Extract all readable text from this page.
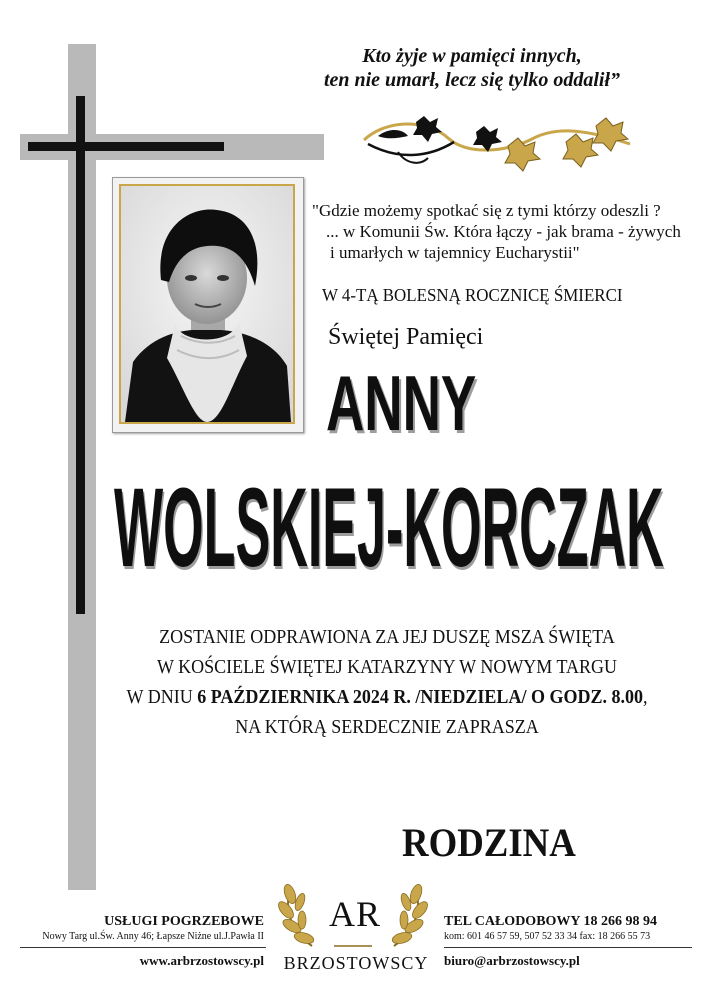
Kto żyje w pamięci innych,
ten nie umarł, lecz się tylko oddalił”
"Gdzie możemy spotkać się z tymi którzy odeszli ?
... w Komunii Św. Która łączy - jak brama - żywych
i umarłych w tajemnicy Eucharystii"
W 4-TĄ BOLESNĄ ROCZNICĘ ŚMIERCI
Świętej Pamięci
ANNY
WOLSKIEJ-KORCZAK
ZOSTANIE ODPRAWIONA ZA JEJ DUSZĘ MSZA ŚWIĘTA
W KOŚCIELE ŚWIĘTEJ KATARZYNY W NOWYM TARGU
W DNIU 6 PAŹDZIERNIKA 2024 R. /NIEDZIELA/ O GODZ. 8.00,
NA KTÓRĄ SERDECZNIE ZAPRASZA
RODZINA
USŁUGI POGRZEBOWE
Nowy Targ ul.Św. Anny 46; Łapsze Niżne ul.J.Pawła II
www.arbrzostowscy.pl
AR
BRZOSTOWSCY
TEL CAŁODOBOWY 18 266 98 94
kom: 601 46 57 59, 507 52 33 34 fax: 18 266 55 73
biuro@arbrzostowscy.pl
